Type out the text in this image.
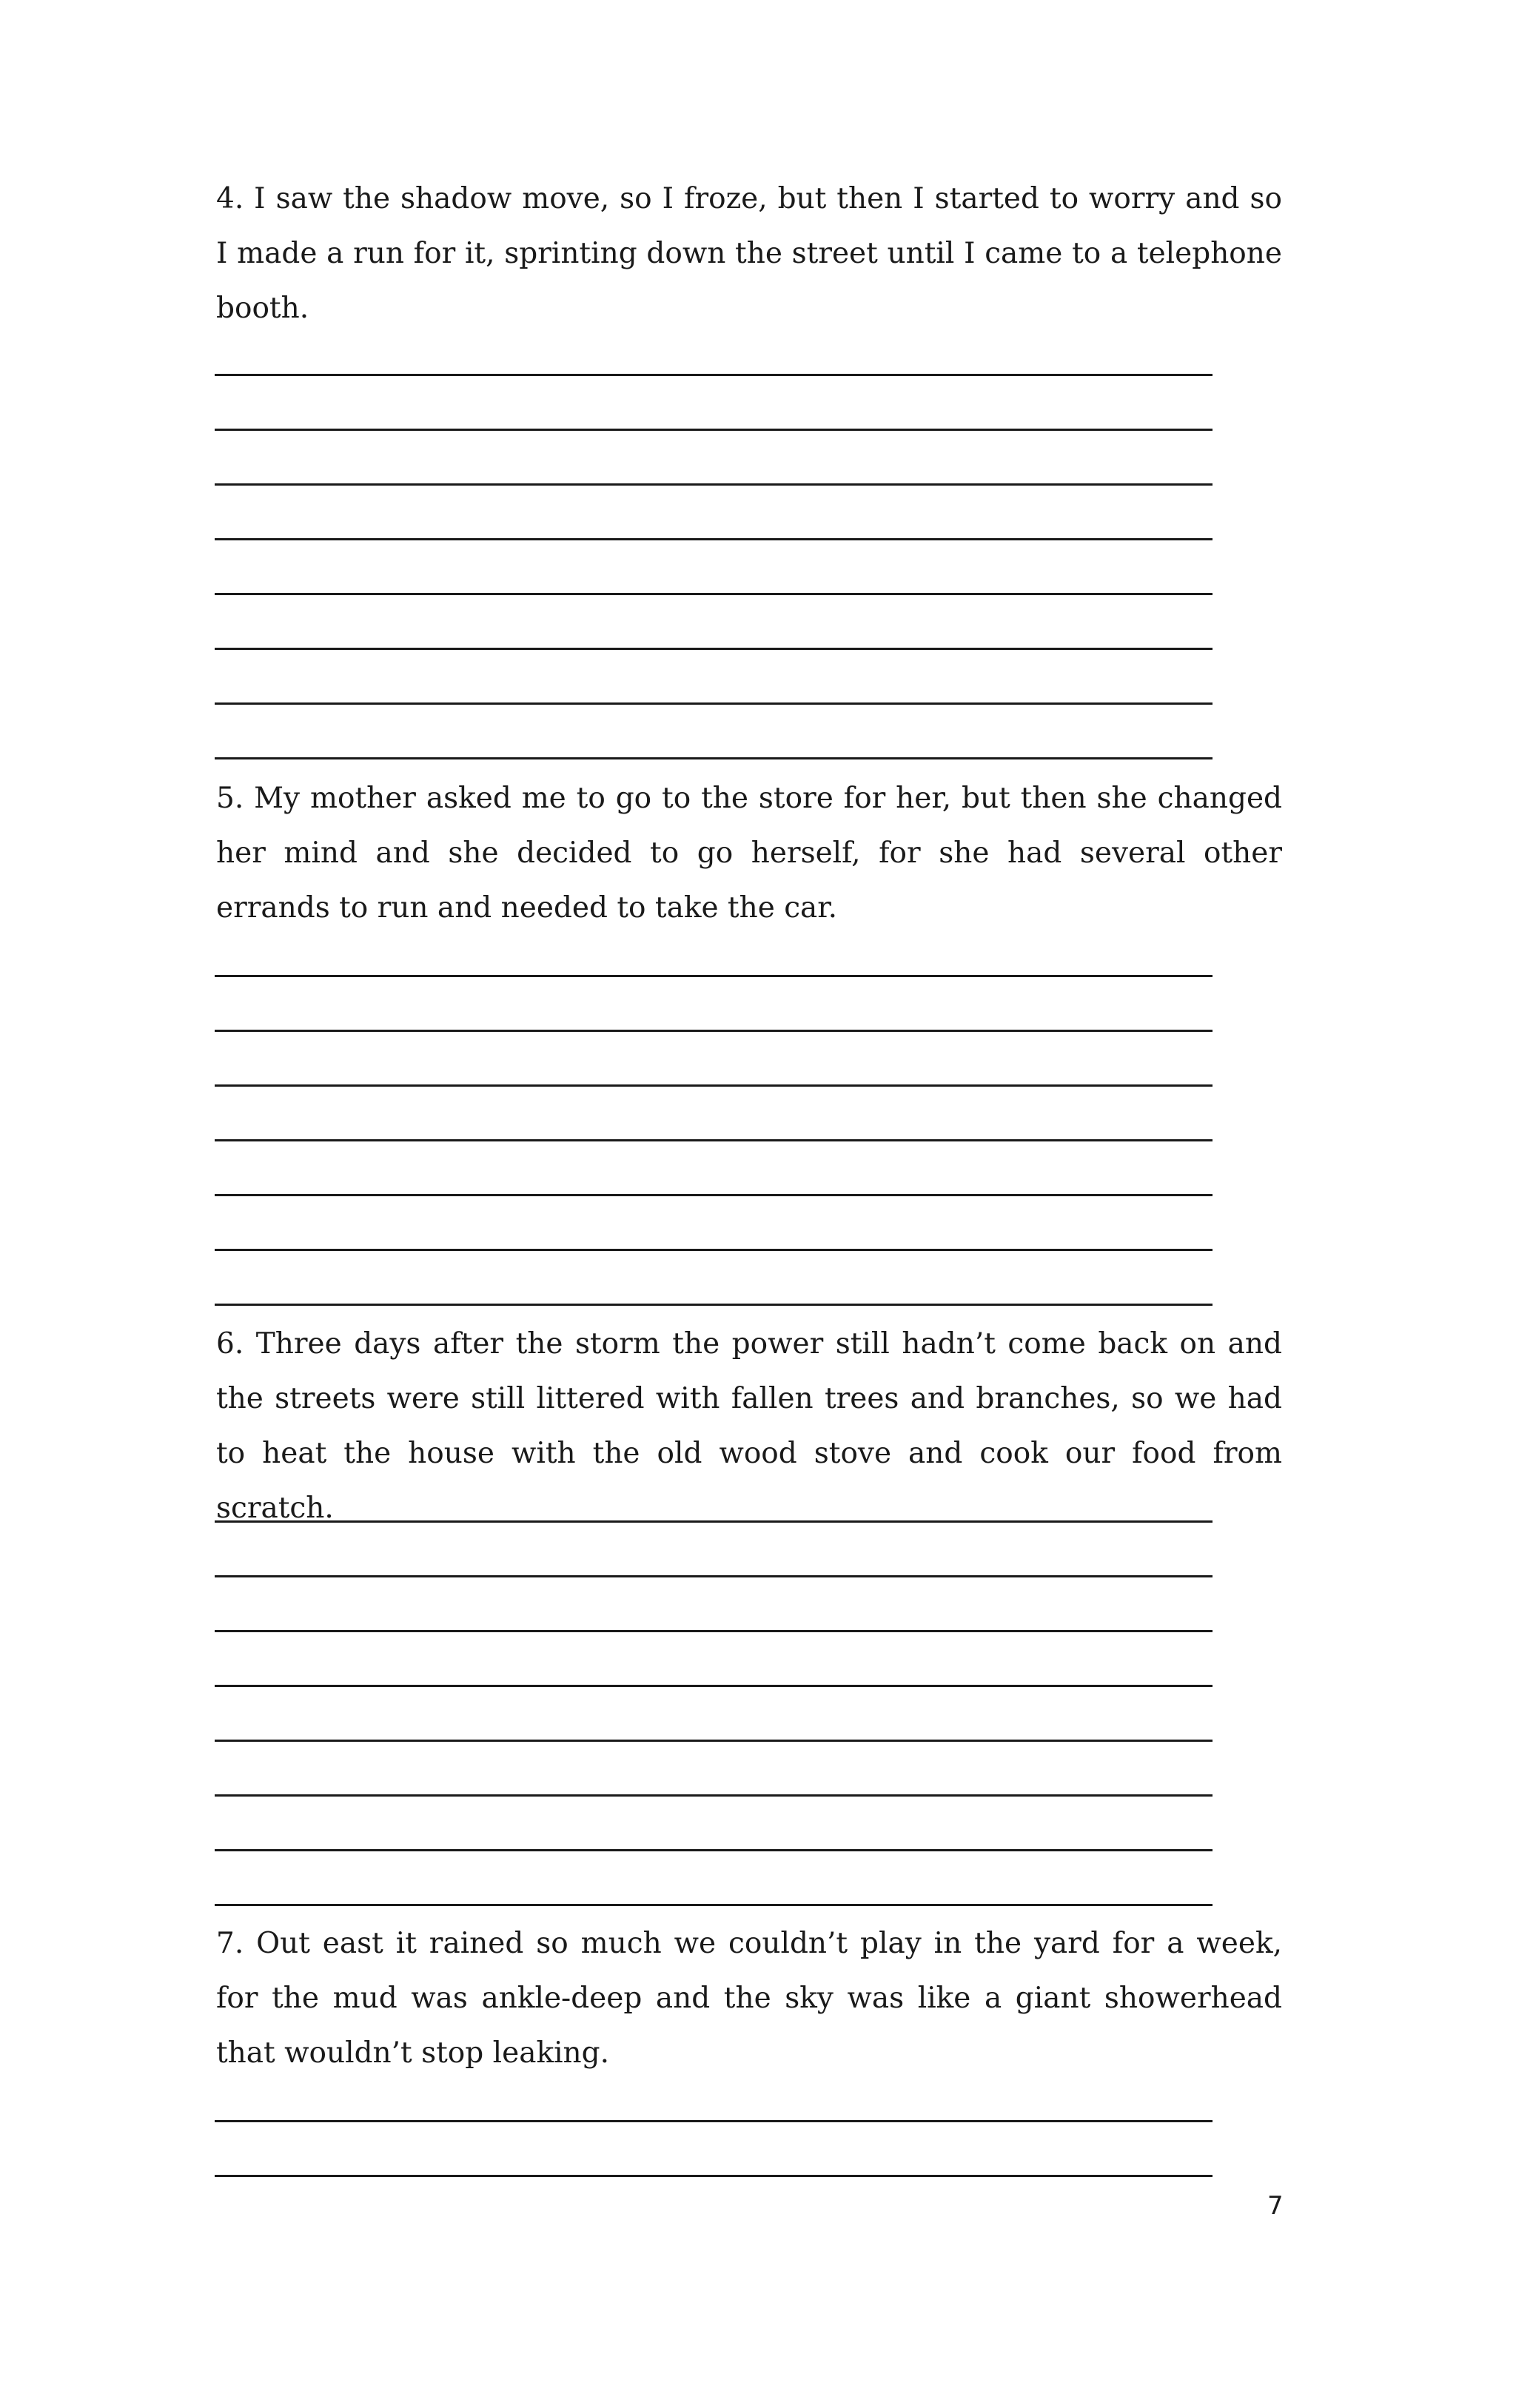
4. I saw the shadow move, so I froze, but then I started to worry and so I made a run for it, sprinting down the street until I came to a telephone booth.

5. My mother asked me to go to the store for her, but then she changed her mind and she decided to go herself, for she had several other errands to run and needed to take the car.

6. Three days after the storm the power still hadn’t come back on and the streets were still littered with fallen trees and branches, so we had to heat the house with the old wood stove and cook our food from scratch.

7. Out east it rained so much we couldn’t play in the yard for a week, for the mud was ankle-deep and the sky was like a giant showerhead that wouldn’t stop leaking.

7
